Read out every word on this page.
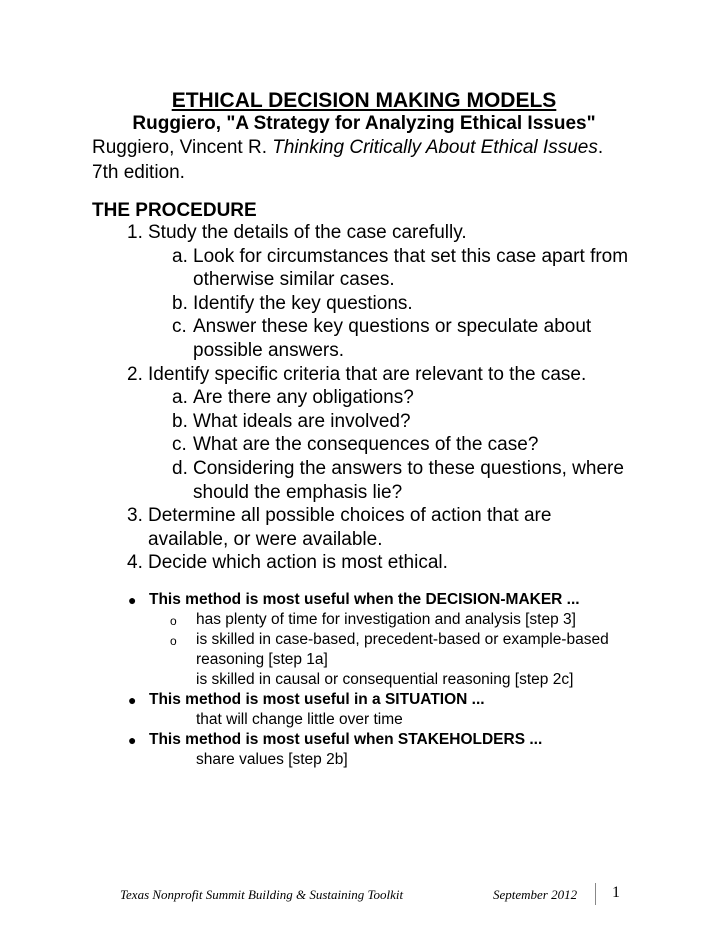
ETHICAL DECISION MAKING MODELS
Ruggiero, "A Strategy for Analyzing Ethical Issues"
Ruggiero, Vincent R. Thinking Critically About Ethical Issues.
7th edition.
THE PROCEDURE
1. Study the details of the case carefully.
a. Look for circumstances that set this case apart from otherwise similar cases.
b. Identify the key questions.
c. Answer these key questions or speculate about possible answers.
2. Identify specific criteria that are relevant to the case.
a. Are there any obligations?
b. What ideals are involved?
c. What are the consequences of the case?
d. Considering the answers to these questions, where should the emphasis lie?
3. Determine all possible choices of action that are available, or were available.
4. Decide which action is most ethical.
● This method is most useful when the DECISION-MAKER ...
o has plenty of time for investigation and analysis [step 3]
o is skilled in case-based, precedent-based or example-based reasoning [step 1a]
is skilled in causal or consequential reasoning [step 2c]
● This method is most useful in a SITUATION ...
that will change little over time
● This method is most useful when STAKEHOLDERS ...
share values [step 2b]
Texas Nonprofit Summit Building & Sustaining Toolkit	September 2012 1
